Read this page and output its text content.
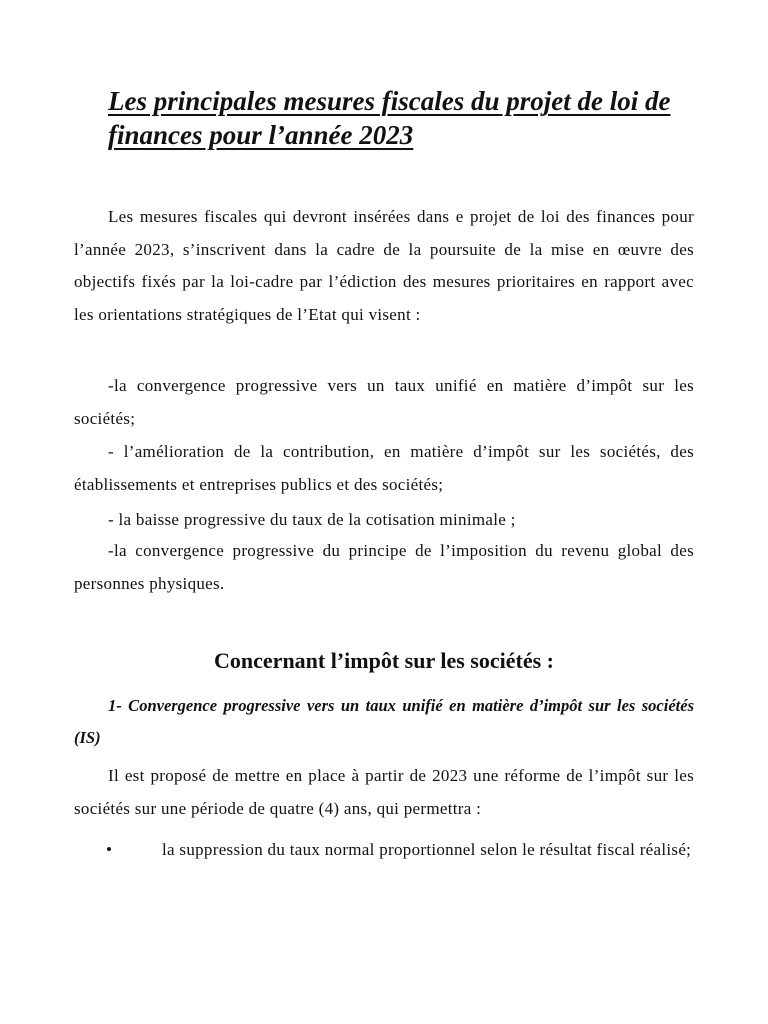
Les principales mesures fiscales du projet de loi de
finances pour l’année 2023

Les mesures fiscales qui devront insérées dans e projet de loi des finances pour l’année 2023, s’inscrivent dans la cadre de la poursuite de la mise en œuvre des objectifs fixés par la loi-cadre par l’édiction des mesures prioritaires en rapport avec les orientations stratégiques de l’Etat qui visent :

-la convergence progressive vers un taux unifié en matière d’impôt sur les sociétés;

- l’amélioration de la contribution, en matière d’impôt sur les sociétés, des établissements et entreprises publics et des sociétés;

- la baisse progressive du taux de la cotisation minimale ;

-la convergence progressive du principe de l’imposition du revenu global des personnes physiques.

Concernant l’impôt sur les sociétés :
1- Convergence progressive vers un taux unifié en matière d’impôt sur les sociétés (IS)

Il est proposé de mettre en place à partir de 2023 une réforme de l’impôt sur les sociétés sur une période de quatre (4) ans, qui permettra :

•	la suppression du taux normal proportionnel selon le résultat fiscal réalisé;
